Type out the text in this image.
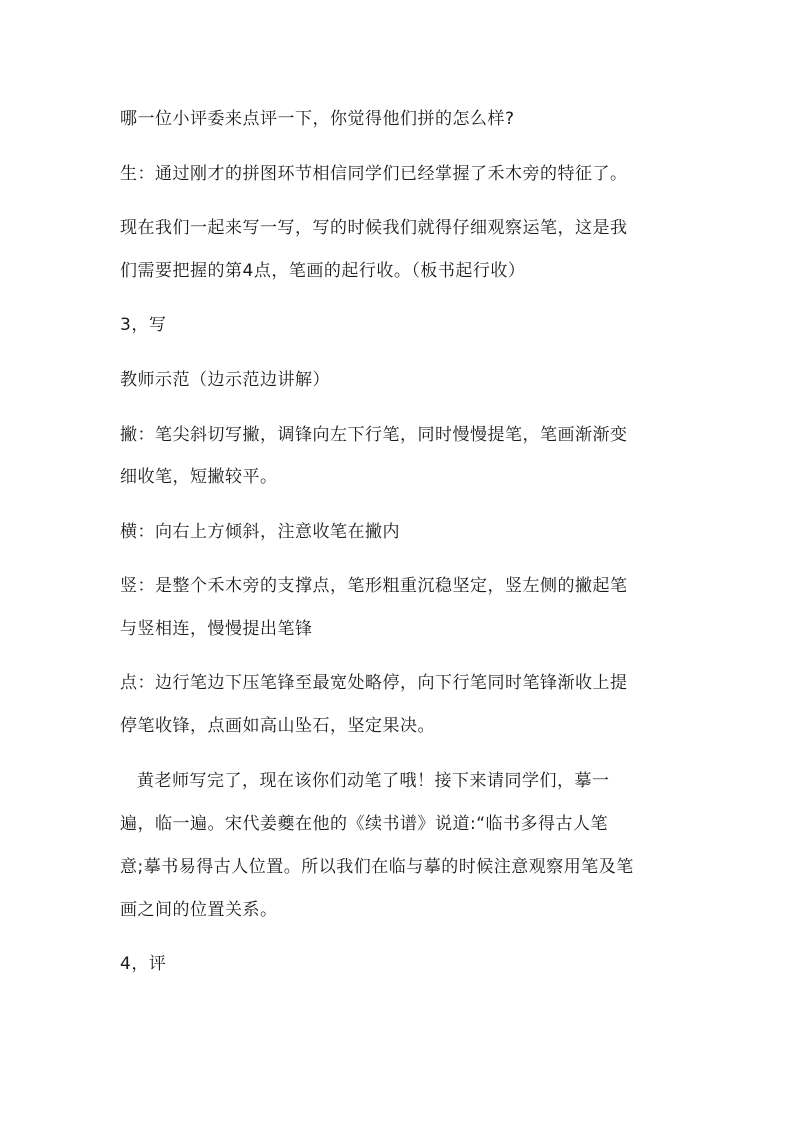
哪一位小评委来点评一下，你觉得他们拼的怎么样?
生：通过刚才的拼图环节相信同学们已经掌握了禾木旁的特征了。
现在我们一起来写一写，写的时候我们就得仔细观察运笔，这是我
们需要把握的第4点，笔画的起行收。（板书起行收）
3，写
教师示范（边示范边讲解）
撇：笔尖斜切写撇，调锋向左下行笔，同时慢慢提笔，笔画渐渐变
细收笔，短撇较平。
横：向右上方倾斜，注意收笔在撇内
竖：是整个禾木旁的支撑点，笔形粗重沉稳坚定，竖左侧的撇起笔
与竖相连，慢慢提出笔锋
点：边行笔边下压笔锋至最宽处略停，向下行笔同时笔锋渐收上提
停笔收锋，点画如高山坠石，坚定果决。
黄老师写完了，现在该你们动笔了哦！接下来请同学们，摹一
遍，临一遍。宋代姜夔在他的《续书谱》说道:“临书多得古人笔
意;摹书易得古人位置。所以我们在临与摹的时候注意观察用笔及笔
画之间的位置关系。
4，评
